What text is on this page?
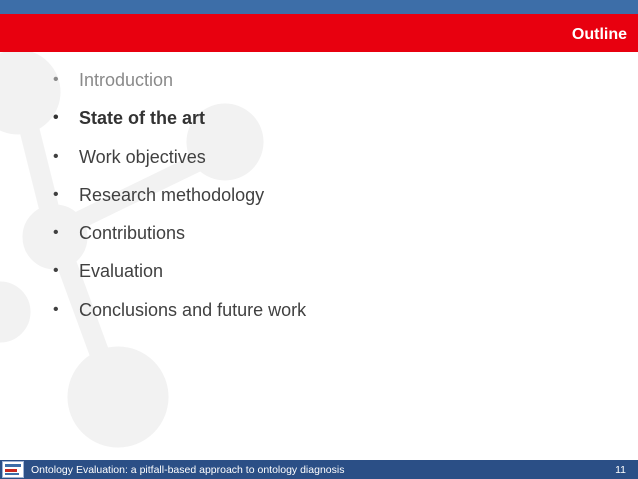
Outline
• Introduction
• State of the art
• Work objectives
• Research methodology
• Contributions
• Evaluation
• Conclusions and future work
Ontology Evaluation: a pitfall-based approach to ontology diagnosis	11
